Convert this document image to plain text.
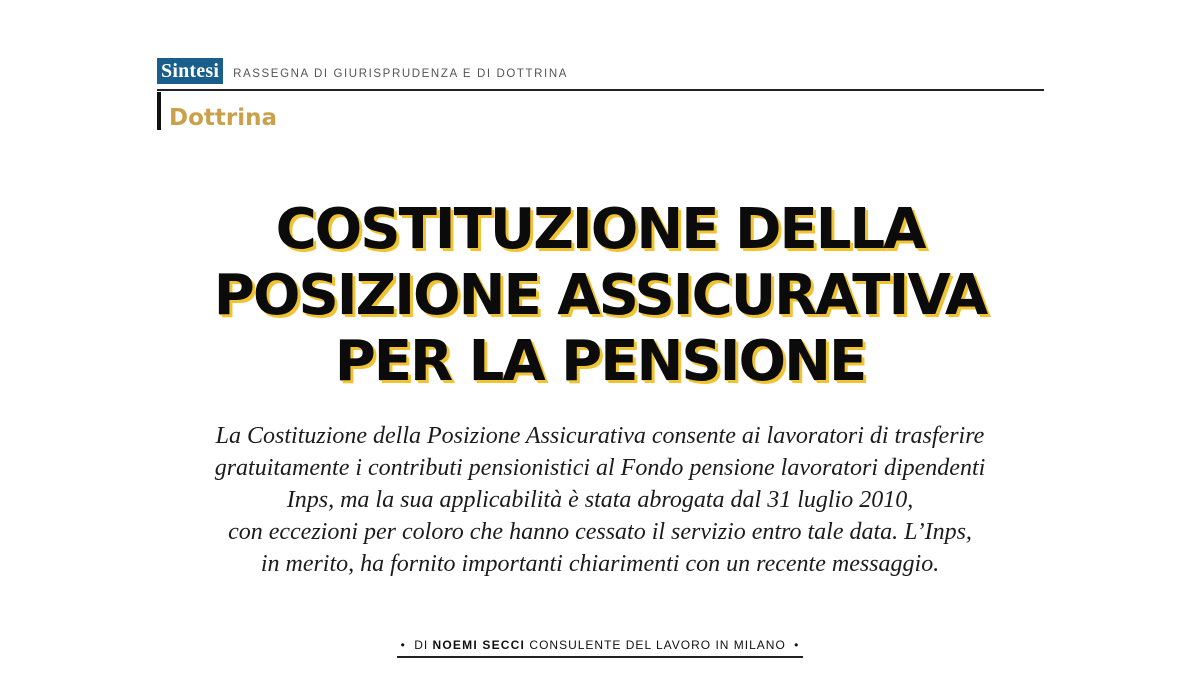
Sintesi	RASSEGNA DI GIURISPRUDENZA E DI DOTTRINA
Dottrina
COSTITUZIONE DELLA
POSIZIONE ASSICURATIVA
PER LA PENSIONE
La Costituzione della Posizione Assicurativa consente ai lavoratori di trasferire
gratuitamente i contributi pensionistici al Fondo pensione lavoratori dipendenti
Inps, ma la sua applicabilità è stata abrogata dal 31 luglio 2010,
con eccezioni per coloro che hanno cessato il servizio entro tale data. L’Inps,
in merito, ha fornito importanti chiarimenti con un recente messaggio.
• DI NOEMI SECCI CONSULENTE DEL LAVORO IN MILANO •
